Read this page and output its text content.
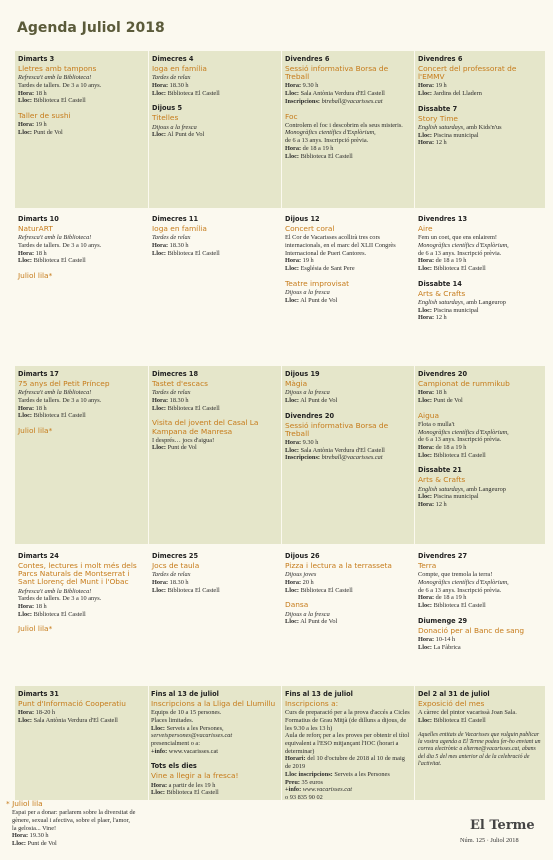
Agenda Juliol 2018
Dimarts 3
Lletres amb tampons
Refresca't amb la Biblioteca!
Tardes de tallers. De 3 a 10 anys.
Hora: 18 h
Lloc: Biblioteca El Castell
Taller de sushi
Hora: 19 h
Lloc: Punt de Vol
Dimecres 4
Ioga en família
Tardes de relax
Hora: 18.30 h
Lloc: Biblioteca El Castell
Dijous 5
Titelles
Dijous a la fresca
Lloc: Al Punt de Vol
Divendres 6
Sessió informativa Borsa de Treball
Hora: 9.30 h
Lloc: Sala Antònia Verdura d'El Castell
Inscripcions: btreball@vacarisses.cat
Foc
Controlem el foc i descobrim els seus misteris.
Monogràfics científics d'Explòrium,
de 6 a 13 anys. Inscripció prèvia.
Hora: de 18 a 19 h
Lloc: Biblioteca El Castell
Divendres 6
Concert del professorat de l'EMMV
Hora: 19 h
Lloc: Jardins del Lladern
Dissabte 7
Story Time
English saturdays, amb Kids'n'us
Lloc: Piscina municipal
Hora: 12 h
Dimarts 10
NaturART
Refresca't amb la Biblioteca!
Tardes de tallers. De 3 a 10 anys.
Hora: 18 h
Lloc: Biblioteca El Castell
Juliol lila*
Dimecres 11
Ioga en família
Tardes de relax
Hora: 18.30 h
Lloc: Biblioteca El Castell
Dijous 12
Concert coral
El Cor de Vacarisses acollirà tres cors internacionals, en el marc del XLII Congrès Internacional de Pueri Cantores.
Hora: 19 h
Lloc: Església de Sant Pere
Teatre improvisat
Dijous a la fresca
Lloc: Al Punt de Vol
Divendres 13
Aire
Fem un coet, que ens enlairem!
Monogràfics científics d'Explòrium,
de 6 a 13 anys. Inscripció prèvia.
Hora: de 18 a 19 h
Lloc: Biblioteca El Castell
Dissabte 14
Arts & Crafts
English saturdays, amb Langeurop
Lloc: Piscina municipal
Hora: 12 h
Dimarts 17
75 anys del Petit Príncep
Refresca't amb la Biblioteca!
Tardes de tallers. De 3 a 10 anys.
Hora: 18 h
Lloc: Biblioteca El Castell
Juliol lila*
Dimecres 18
Tastet d'escacs
Tardes de relax
Hora: 18.30 h
Lloc: Biblioteca El Castell
Visita del jovent del Casal La Kampana de Manresa
I després… jocs d'aigua!
Lloc: Punt de Vol
Dijous 19
Màgia
Dijous a la fresca
Lloc: Al Punt de Vol
Divendres 20
Sessió informativa Borsa de Treball
Hora: 9.30 h
Lloc: Sala Antònia Verdura d'El Castell
Inscripcions: btreball@vacarisses.cat
Divendres 20
Campionat de rummikub
Hora: 18 h
Lloc: Punt de Vol
Aigua
Flota o mulla't
Monogràfics científics d'Explòrium,
de 6 a 13 anys. Inscripció prèvia.
Hora: de 18 a 19 h
Lloc: Biblioteca El Castell
Dissabte 21
Arts & Crafts
English saturdays, amb Langeurop
Lloc: Piscina municipal
Hora: 12 h
Dimarts 24
Contes, lectures i molt més dels Parcs Naturals de Montserrat i Sant Llorenç del Munt i l'Obac
Refresca't amb la Biblioteca!
Tardes de tallers. De 3 a 10 anys.
Hora: 18 h
Lloc: Biblioteca El Castell
Juliol lila*
Dimecres 25
Jocs de taula
Tardes de relax
Hora: 18.30 h
Lloc: Biblioteca El Castell
Dijous 26
Pizza i lectura a la terrasseta
Dijous joves
Hora: 20 h
Lloc: Biblioteca El Castell
Dansa
Dijous a la fresca
Lloc: Al Punt de Vol
Divendres 27
Terra
Compte, que tremola la terra!
Monogràfics científics d'Explòrium,
de 6 a 13 anys. Inscripció prèvia.
Hora: de 18 a 19 h
Lloc: Biblioteca El Castell
Diumenge 29
Donació per al Banc de sang
Hora: 10-14 h
Lloc: La Fàbrica
Dimarts 31
Punt d'Informació Cooperatiu
Hora: 18-20 h
Lloc: Sala Antònia Verdura d'El Castell
Fins al 13 de juliol
Inscripcions a la Lliga del Llumillu
Equips de 10 a 15 persones.
Places limitades.
Lloc: Serveis a les Persones,
serveispersones@vacarisses.cat
presencialment o a:
+info: www.vacarisses.cat
Tots els dies
Vine a llegir a la fresca!
Hora: a partir de les 19 h
Lloc: Biblioteca El Castell
Fins al 13 de juliol
Inscripcions a:
Curs de preparació per a la prova d'accés a Cicles Formatius de Grau Mitjà (de dilluns a dijous, de les 9.30 a les 13 h)
Aula de reforç per a les proves per obtenir el títol equivalent a l'ESO mitjançant l'IOC (horari a determinar)
Horari: del 10 d'octubre de 2018 al 10 de maig de 2019
Lloc inscripcions: Serveis a les Persones
Preu: 35 euros
+info: www.vacarisses.cat
o 93 835 90 02
Del 2 al 31 de juliol
Exposició del mes
A càrrec del pintor vacarissà Joan Sala.
Lloc: Biblioteca El Castell
Aquelles entitats de Vacarisses que vulguin publicar la vostra agenda a El Terme podeu fer-ho enviant un correu electrònic a elterme@vacarisses.cat, abans del dia 5 del mes anterior al de la celebració de l'activitat.
* Juliol lila
Espai per a donar: parlarem sobre la diversitat de gènere, sexual i afectiva, sobre el plaer, l'amor, la gelosia... Vine!
Hora: 19.30 h
Lloc: Punt de Vol
El Terme
Núm. 125 · Juliol 2018
